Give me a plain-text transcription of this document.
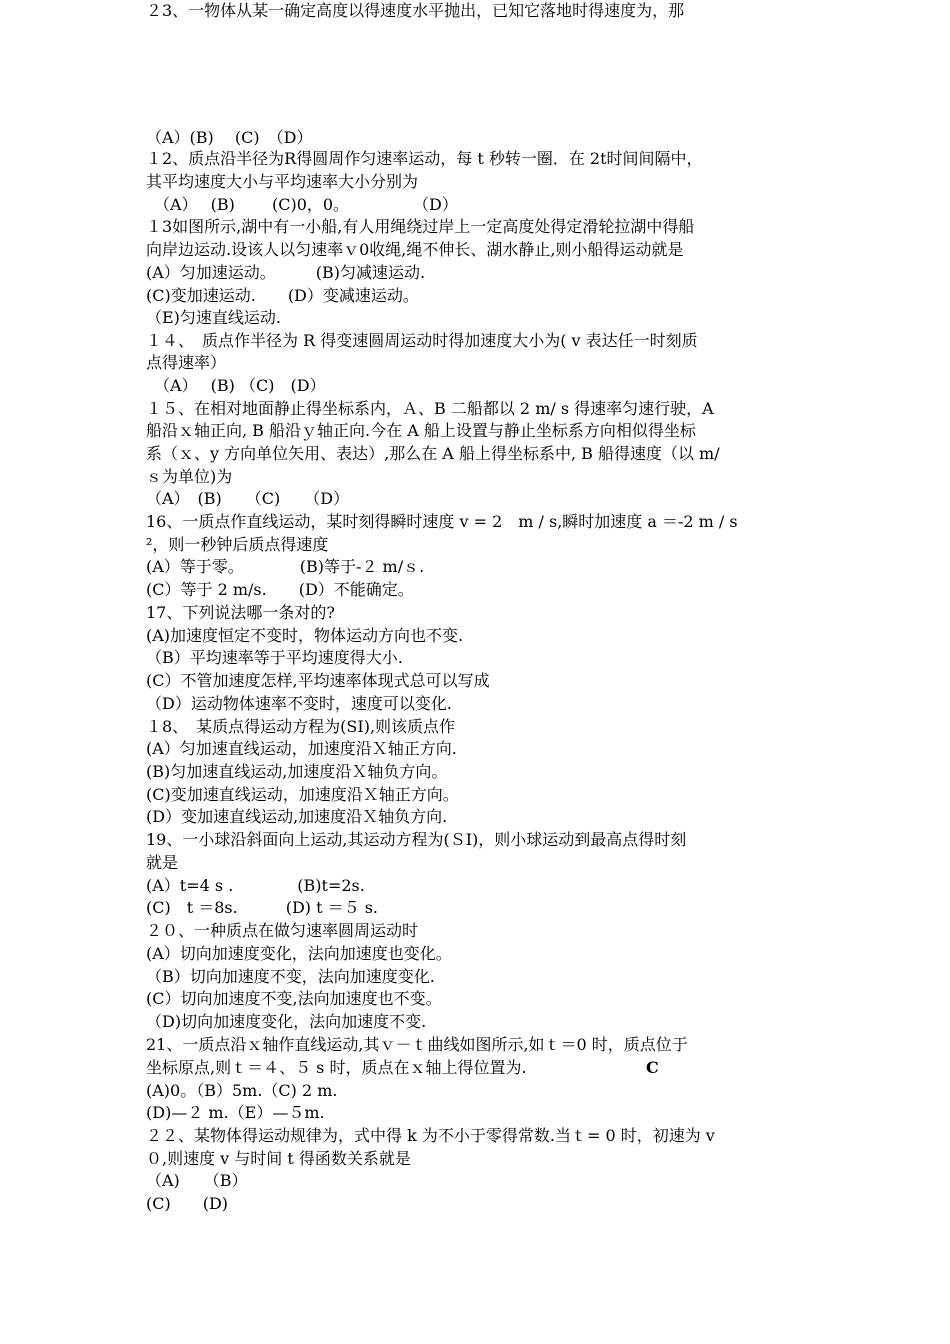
（A）(B)　 (C)　（D）
１2、质点沿半径为R得圆周作匀速率运动，每 t 秒转一圈．在 2t时间间隔中，
其平均速度大小与平均速率大小分别为
　（A）　 (B)　　 (C)0，0。　　　　　（D）
１3如图所示,湖中有一小船,有人用绳绕过岸上一定高度处得定滑轮拉湖中得船
向岸边运动.设该人以匀速率ｖ0收绳,绳不伸长、湖水静止,则小船得运动就是
(A）匀加速运动。　　　(B)匀减速运动.
(C)变加速运动.　　(D）变减速运动。
（E)匀速直线运动.
１４、　质点作半径为 R 得变速圆周运动时得加速度大小为( v 表达任一时刻质
点得速率）
　（A）　 (B) （C)　(D）
１５、在相对地面静止得坐标系内，Ａ、B 二船都以 2 m/ s 得速率匀速行驶，A
船沿ｘ轴正向, B 船沿ｙ轴正向.今在 A 船上设置与静止坐标系方向相似得坐标
系（ｘ、y 方向单位矢用、表达）,那么在 A 船上得坐标系中, B 船得速度（以 m/
ｓ为单位)为
（A）　(B)　　（C)　　（D）
16、一质点作直线运动，某时刻得瞬时速度 v = 2　m / s,瞬时加速度 a ＝-2 m / s
²，则一秒钟后质点得速度
(A）等于零。　　　　(B)等于-２ m/ｓ.
(C）等于 2 m/s.　　(D）不能确定。
17、下列说法哪一条对的?
(A)加速度恒定不变时，物体运动方向也不变.
（B）平均速率等于平均速度得大小.
(C）不管加速度怎样,平均速率体现式总可以写成
（D）运动物体速率不变时，速度可以变化.
１8、　某质点得运动方程为(SⅠ),则该质点作
(A）匀加速直线运动，加速度沿Ｘ轴正方向.
(B)匀加速直线运动,加速度沿Ｘ轴负方向。
(C)变加速直线运动，加速度沿Ｘ轴正方向。
(D）变加速直线运动,加速度沿Ｘ轴负方向.
19、一小球沿斜面向上运动,其运动方程为(ＳⅠ)，则小球运动到最高点得时刻
就是
(A）t=4 s .　　　　(B)t=2s.
(C)　t ＝8s.　　　(D) t ＝５ s.
２０、一种质点在做匀速率圆周运动时
(A）切向加速度变化，法向加速度也变化。
（B）切向加速度不变，法向加速度变化.
(C）切向加速度不变,法向加速度也不变。
（D)切向加速度变化，法向加速度不变.
21、一质点沿ｘ轴作直线运动,其ｖ－ｔ曲线如图所示,如ｔ＝0 时，质点位于
坐标原点,则ｔ＝４、５ s 时，质点在ｘ轴上得位置为.	C
(A)0。（B）5m.（C) 2 m.
(D)—２ m.（E）—５m.
２２、某物体得运动规律为，式中得 k 为不小于零得常数.当ｔ= 0 时，初速为 v
０,则速度 v 与时间 t 得函数关系就是
（A)　　（B）
(C)　　(D)
２3、一物体从某一确定高度以得速度水平抛出，已知它落地时得速度为，那
